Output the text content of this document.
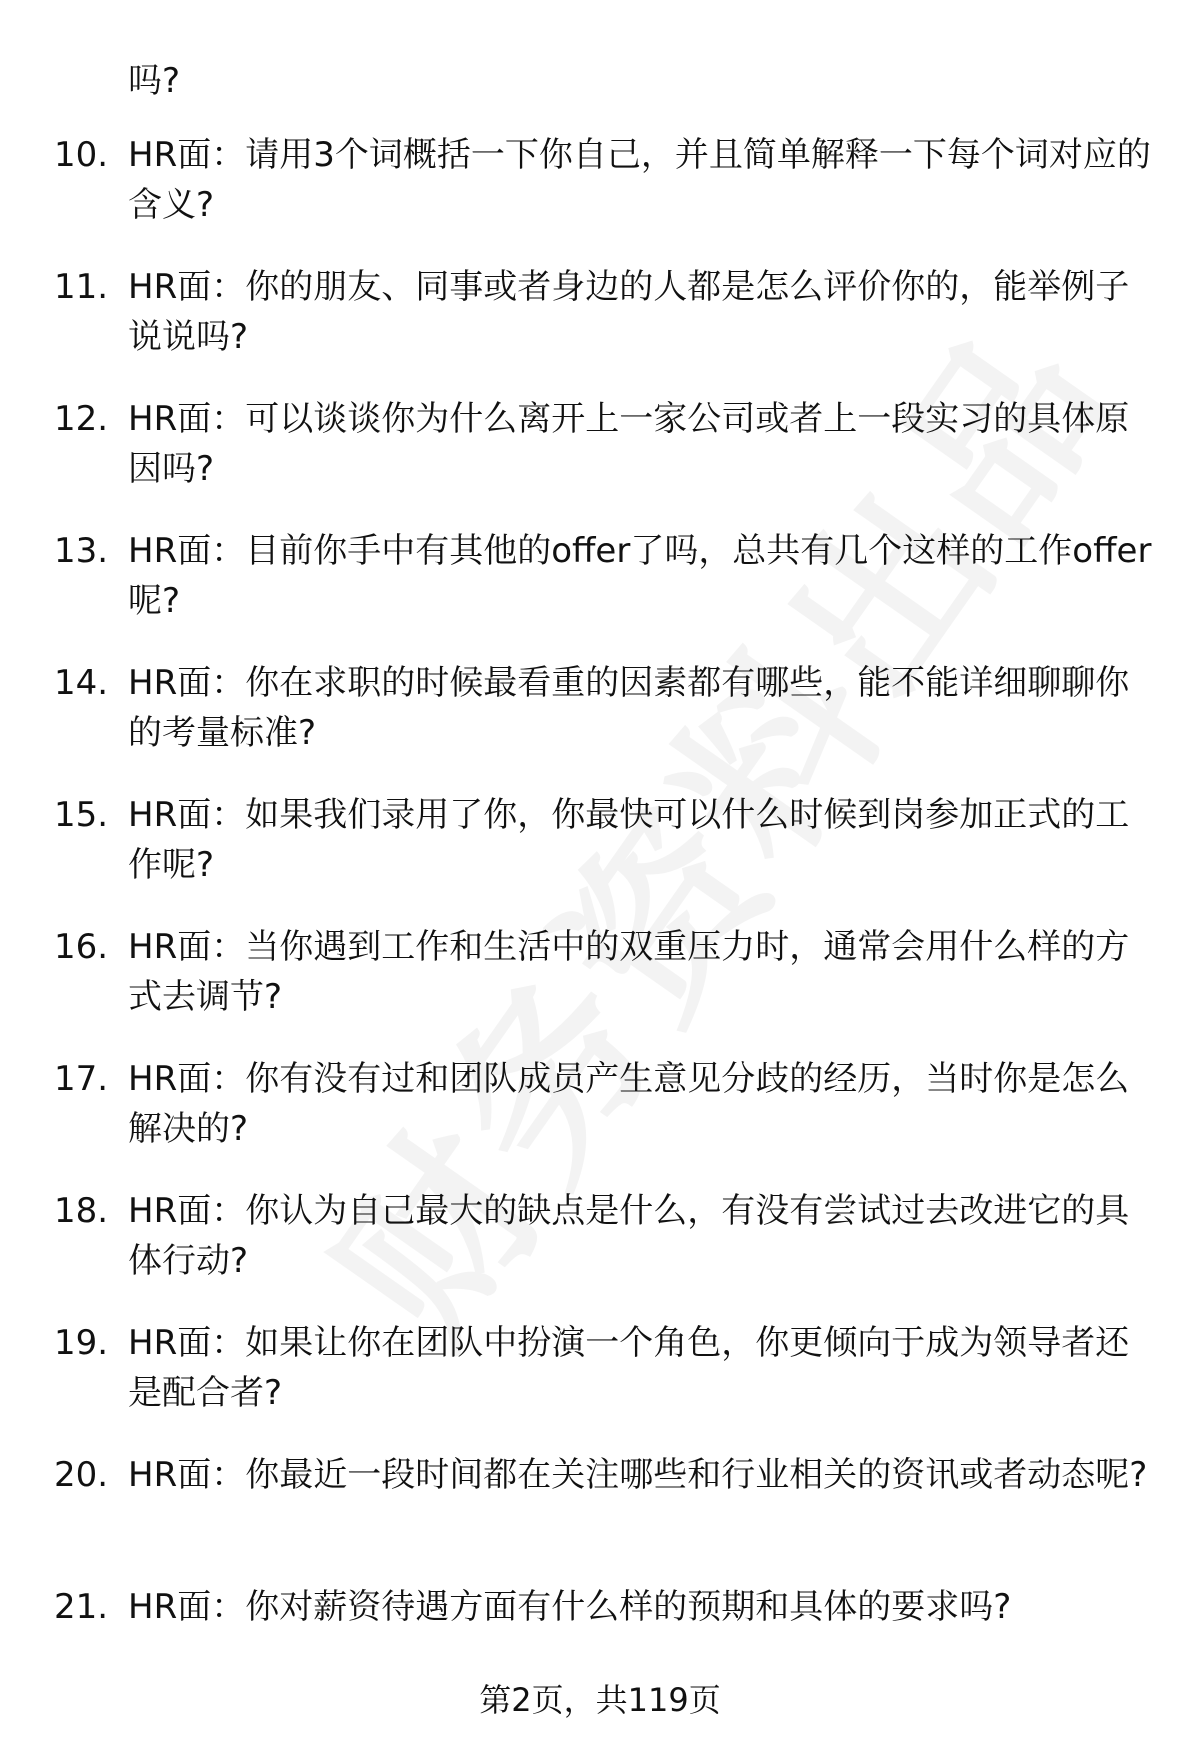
吗?
10. HR面：请用3个词概括一下你自己，并且简单解释一下每个词对应的含义?
11. HR面：你的朋友、同事或者身边的人都是怎么评价你的，能举例子说说吗?
12. HR面：可以谈谈你为什么离开上一家公司或者上一段实习的具体原因吗?
13. HR面：目前你手中有其他的offer了吗，总共有几个这样的工作offer呢?
14. HR面：你在求职的时候最看重的因素都有哪些，能不能详细聊聊你的考量标准?
15. HR面：如果我们录用了你，你最快可以什么时候到岗参加正式的工作呢?
16. HR面：当你遇到工作和生活中的双重压力时，通常会用什么样的方式去调节?
17. HR面：你有没有过和团队成员产生意见分歧的经历，当时你是怎么解决的?
18. HR面：你认为自己最大的缺点是什么，有没有尝试过去改进它的具体行动?
19. HR面：如果让你在团队中扮演一个角色，你更倾向于成为领导者还是配合者?
20. HR面：你最近一段时间都在关注哪些和行业相关的资讯或者动态呢?
21. HR面：你对薪资待遇方面有什么样的预期和具体的要求吗?
第2页，共119页
